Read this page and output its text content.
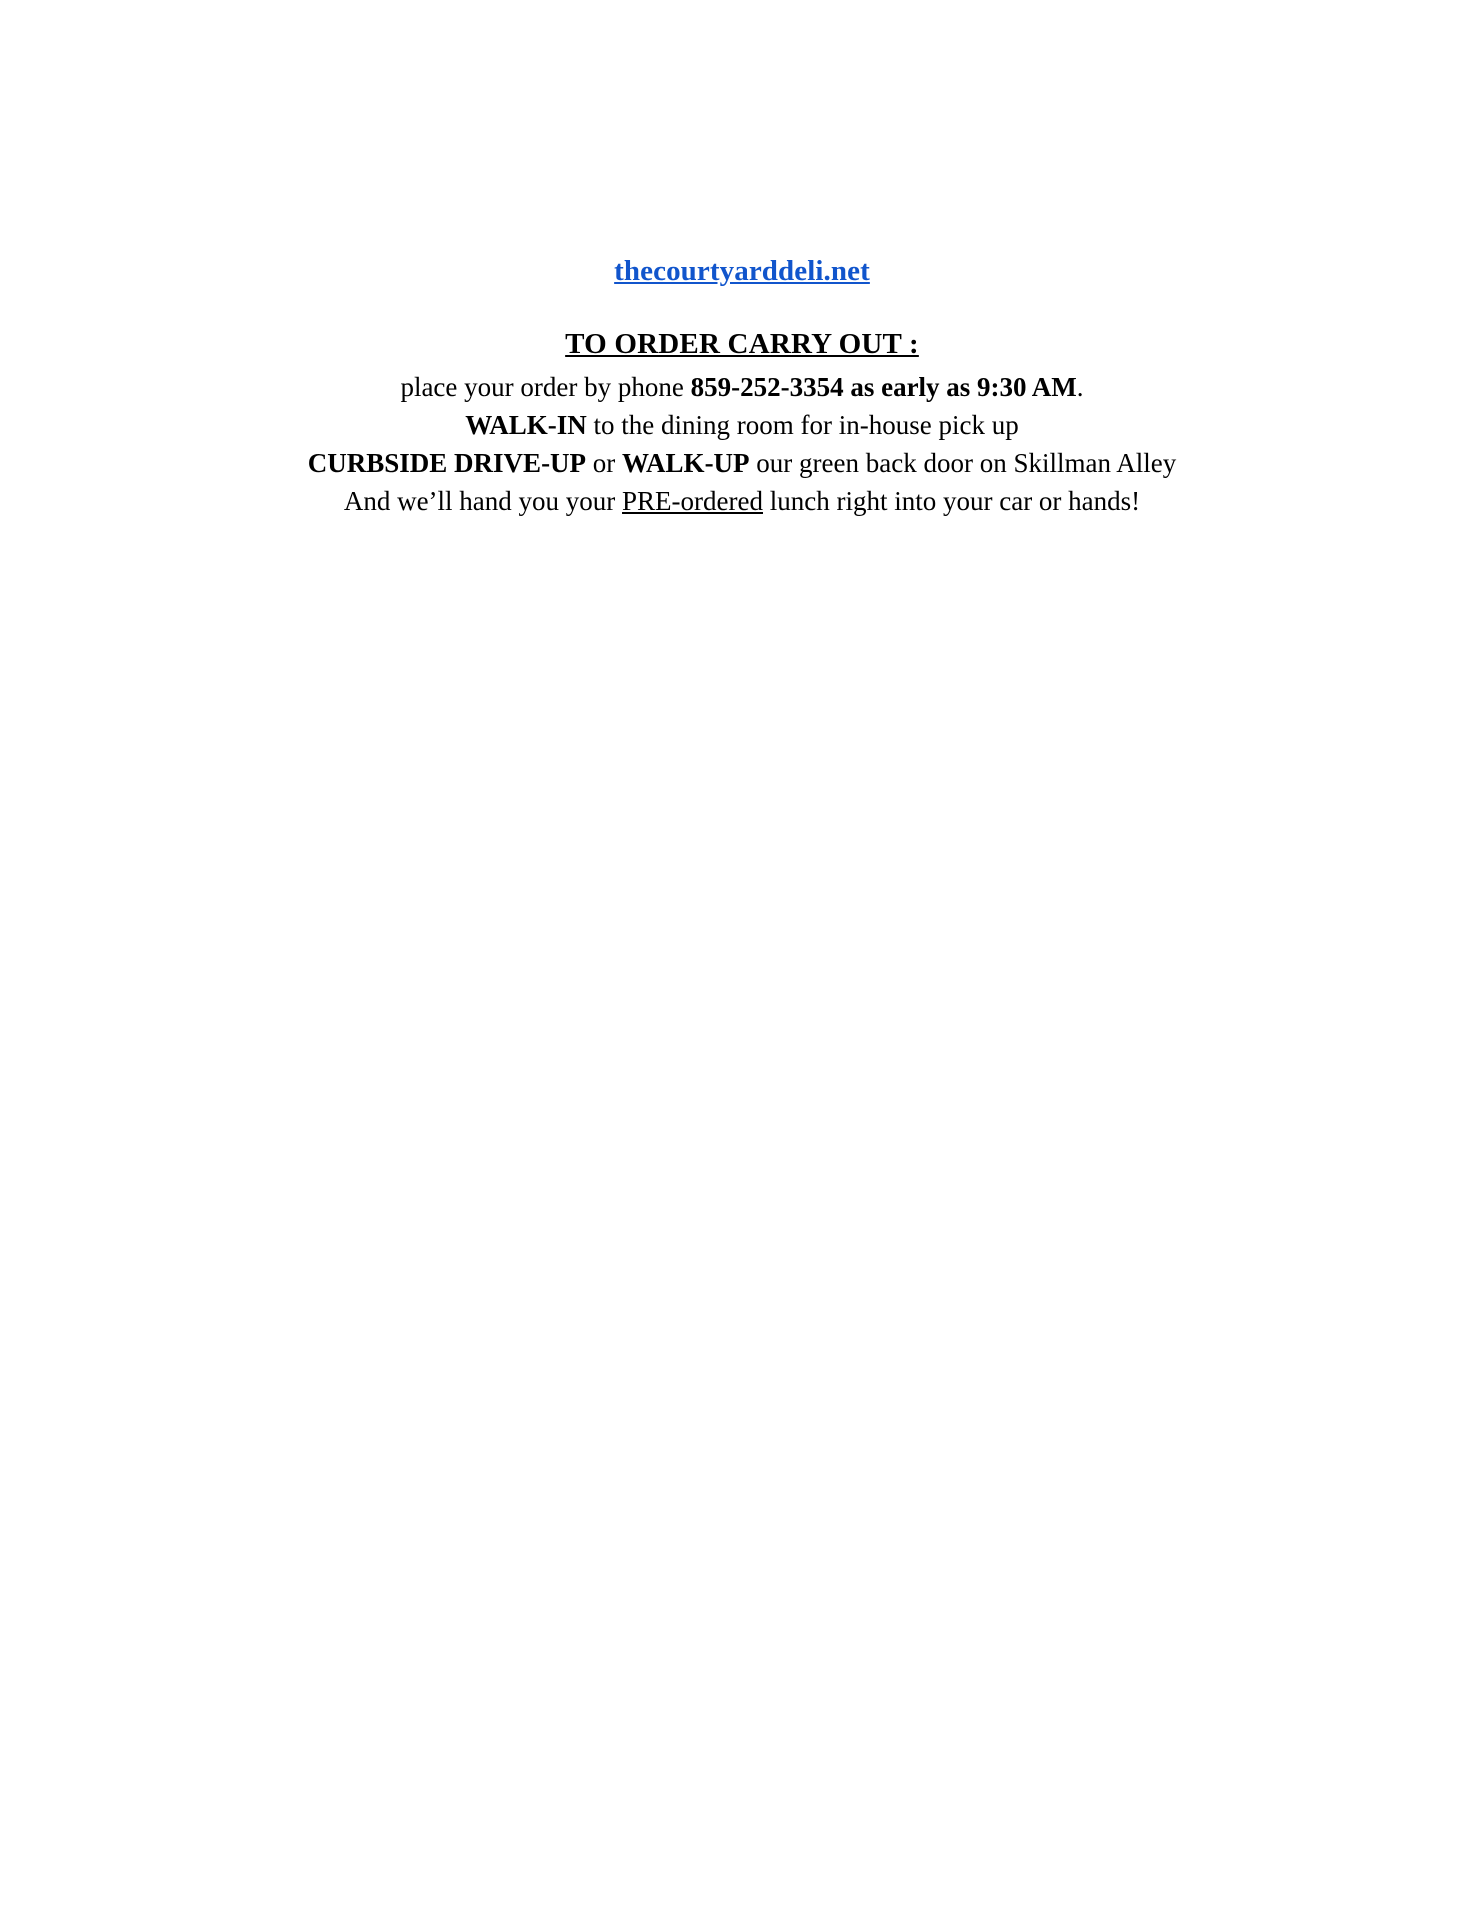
thecourtyarddeli.net
TO ORDER CARRY OUT :
place your order by phone 859-252-3354 as early as 9:30 AM.
WALK-IN to the dining room for in-house pick up
CURBSIDE DRIVE-UP or WALK-UP our green back door on Skillman Alley
And we’ll hand you your PRE-ordered lunch right into your car or hands!
